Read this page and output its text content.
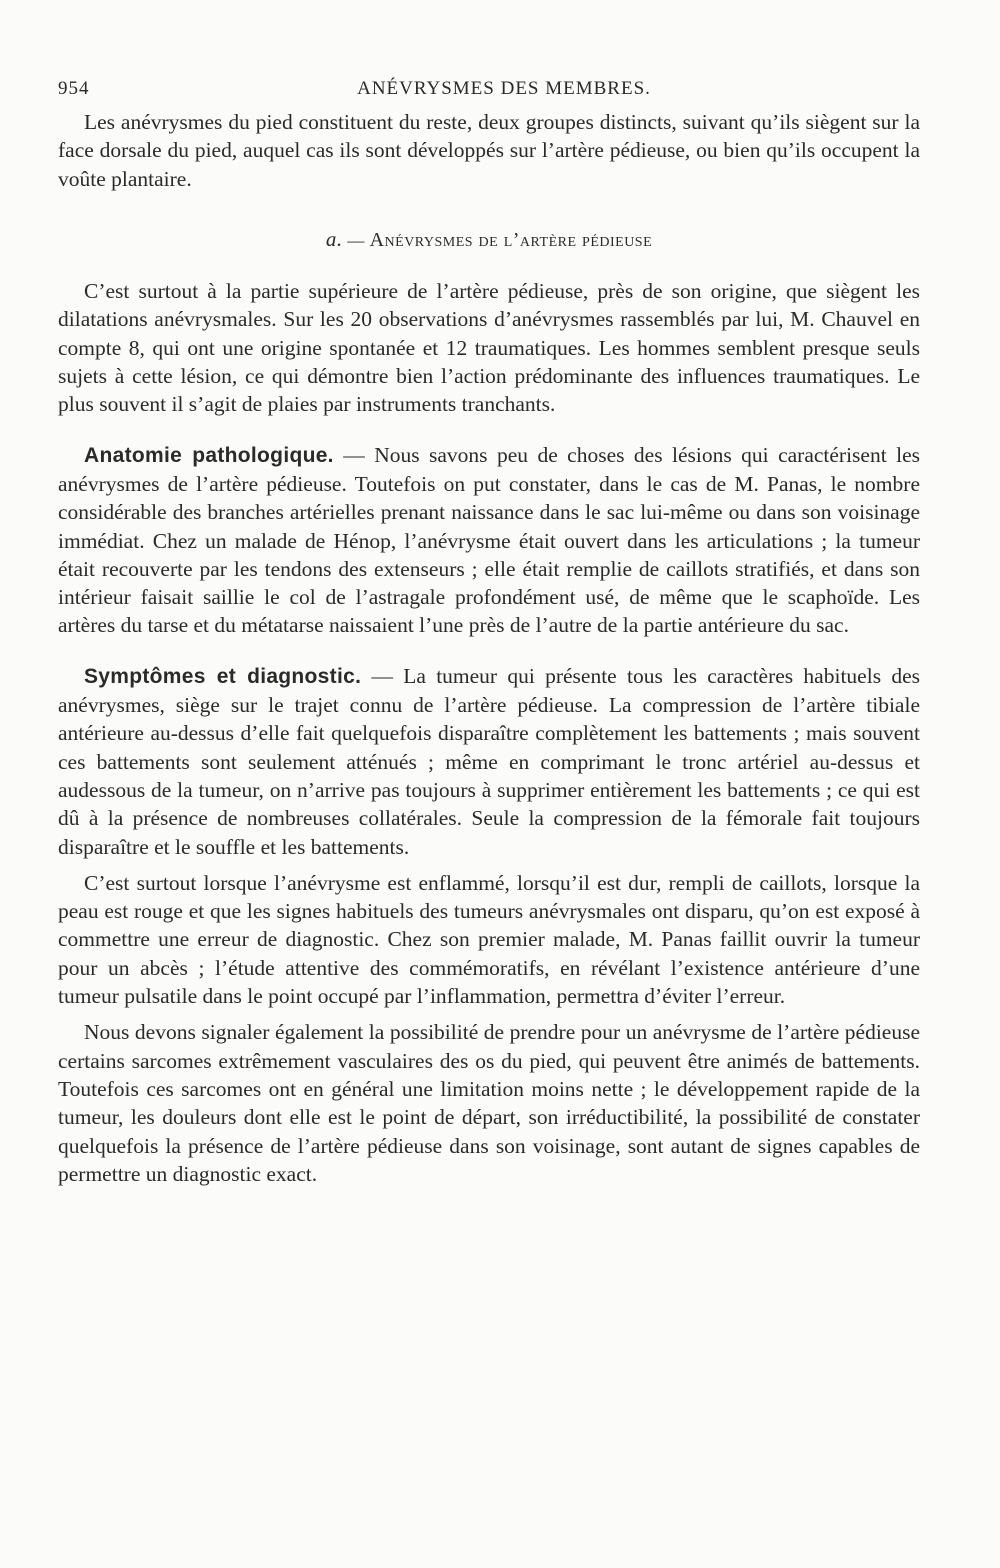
954	ANÉVRYSMES DES MEMBRES.

Les anévrysmes du pied constituent du reste, deux groupes distincts, suivant qu’ils siègent sur la face dorsale du pied, auquel cas ils sont développés sur l’artère pédieuse, ou bien qu’ils occupent la voûte plantaire.

a. — Anévrysmes de l’artère pédieuse

C’est surtout à la partie supérieure de l’artère pédieuse, près de son origine, que siègent les dilatations anévrysmales. Sur les 20 observations d’anévrysmes rassemblés par lui, M. Chauvel en compte 8, qui ont une origine spontanée et 12 traumatiques. Les hommes semblent presque seuls sujets à cette lésion, ce qui démontre bien l’action prédominante des influences traumatiques. Le plus souvent il s’agit de plaies par instruments tranchants.

Anatomie pathologique. — Nous savons peu de choses des lésions qui caractérisent les anévrysmes de l’artère pédieuse. Toutefois on put constater, dans le cas de M. Panas, le nombre considérable des branches artérielles prenant naissance dans le sac lui-même ou dans son voisinage immédiat. Chez un malade de Hénop, l’anévrysme était ouvert dans les articulations ; la tumeur était recouverte par les tendons des extenseurs ; elle était remplie de caillots stratifiés, et dans son intérieur faisait saillie le col de l’astragale profondément usé, de même que le scaphoïde. Les artères du tarse et du métatarse naissaient l’une près de l’autre de la partie antérieure du sac.

Symptômes et diagnostic. — La tumeur qui présente tous les caractères habituels des anévrysmes, siège sur le trajet connu de l’artère pédieuse. La compression de l’artère tibiale antérieure au-dessus d’elle fait quelquefois disparaître complètement les battements ; mais souvent ces battements sont seulement atténués ; même en comprimant le tronc artériel au-dessus et audessous de la tumeur, on n’arrive pas toujours à supprimer entièrement les battements ; ce qui est dû à la présence de nombreuses collatérales. Seule la compression de la fémorale fait toujours disparaître et le souffle et les battements.

C’est surtout lorsque l’anévrysme est enflammé, lorsqu’il est dur, rempli de caillots, lorsque la peau est rouge et que les signes habituels des tumeurs anévrysmales ont disparu, qu’on est exposé à commettre une erreur de diagnostic. Chez son premier malade, M. Panas faillit ouvrir la tumeur pour un abcès ; l’étude attentive des commémoratifs, en révélant l’existence antérieure d’une tumeur pulsatile dans le point occupé par l’inflammation, permettra d’éviter l’erreur.

Nous devons signaler également la possibilité de prendre pour un anévrysme de l’artère pédieuse certains sarcomes extrêmement vasculaires des os du pied, qui peuvent être animés de battements. Toutefois ces sarcomes ont en général une limitation moins nette ; le développement rapide de la tumeur, les douleurs dont elle est le point de départ, son irréductibilité, la possibilité de constater quelquefois la présence de l’artère pédieuse dans son voisinage, sont autant de signes capables de permettre un diagnostic exact.
